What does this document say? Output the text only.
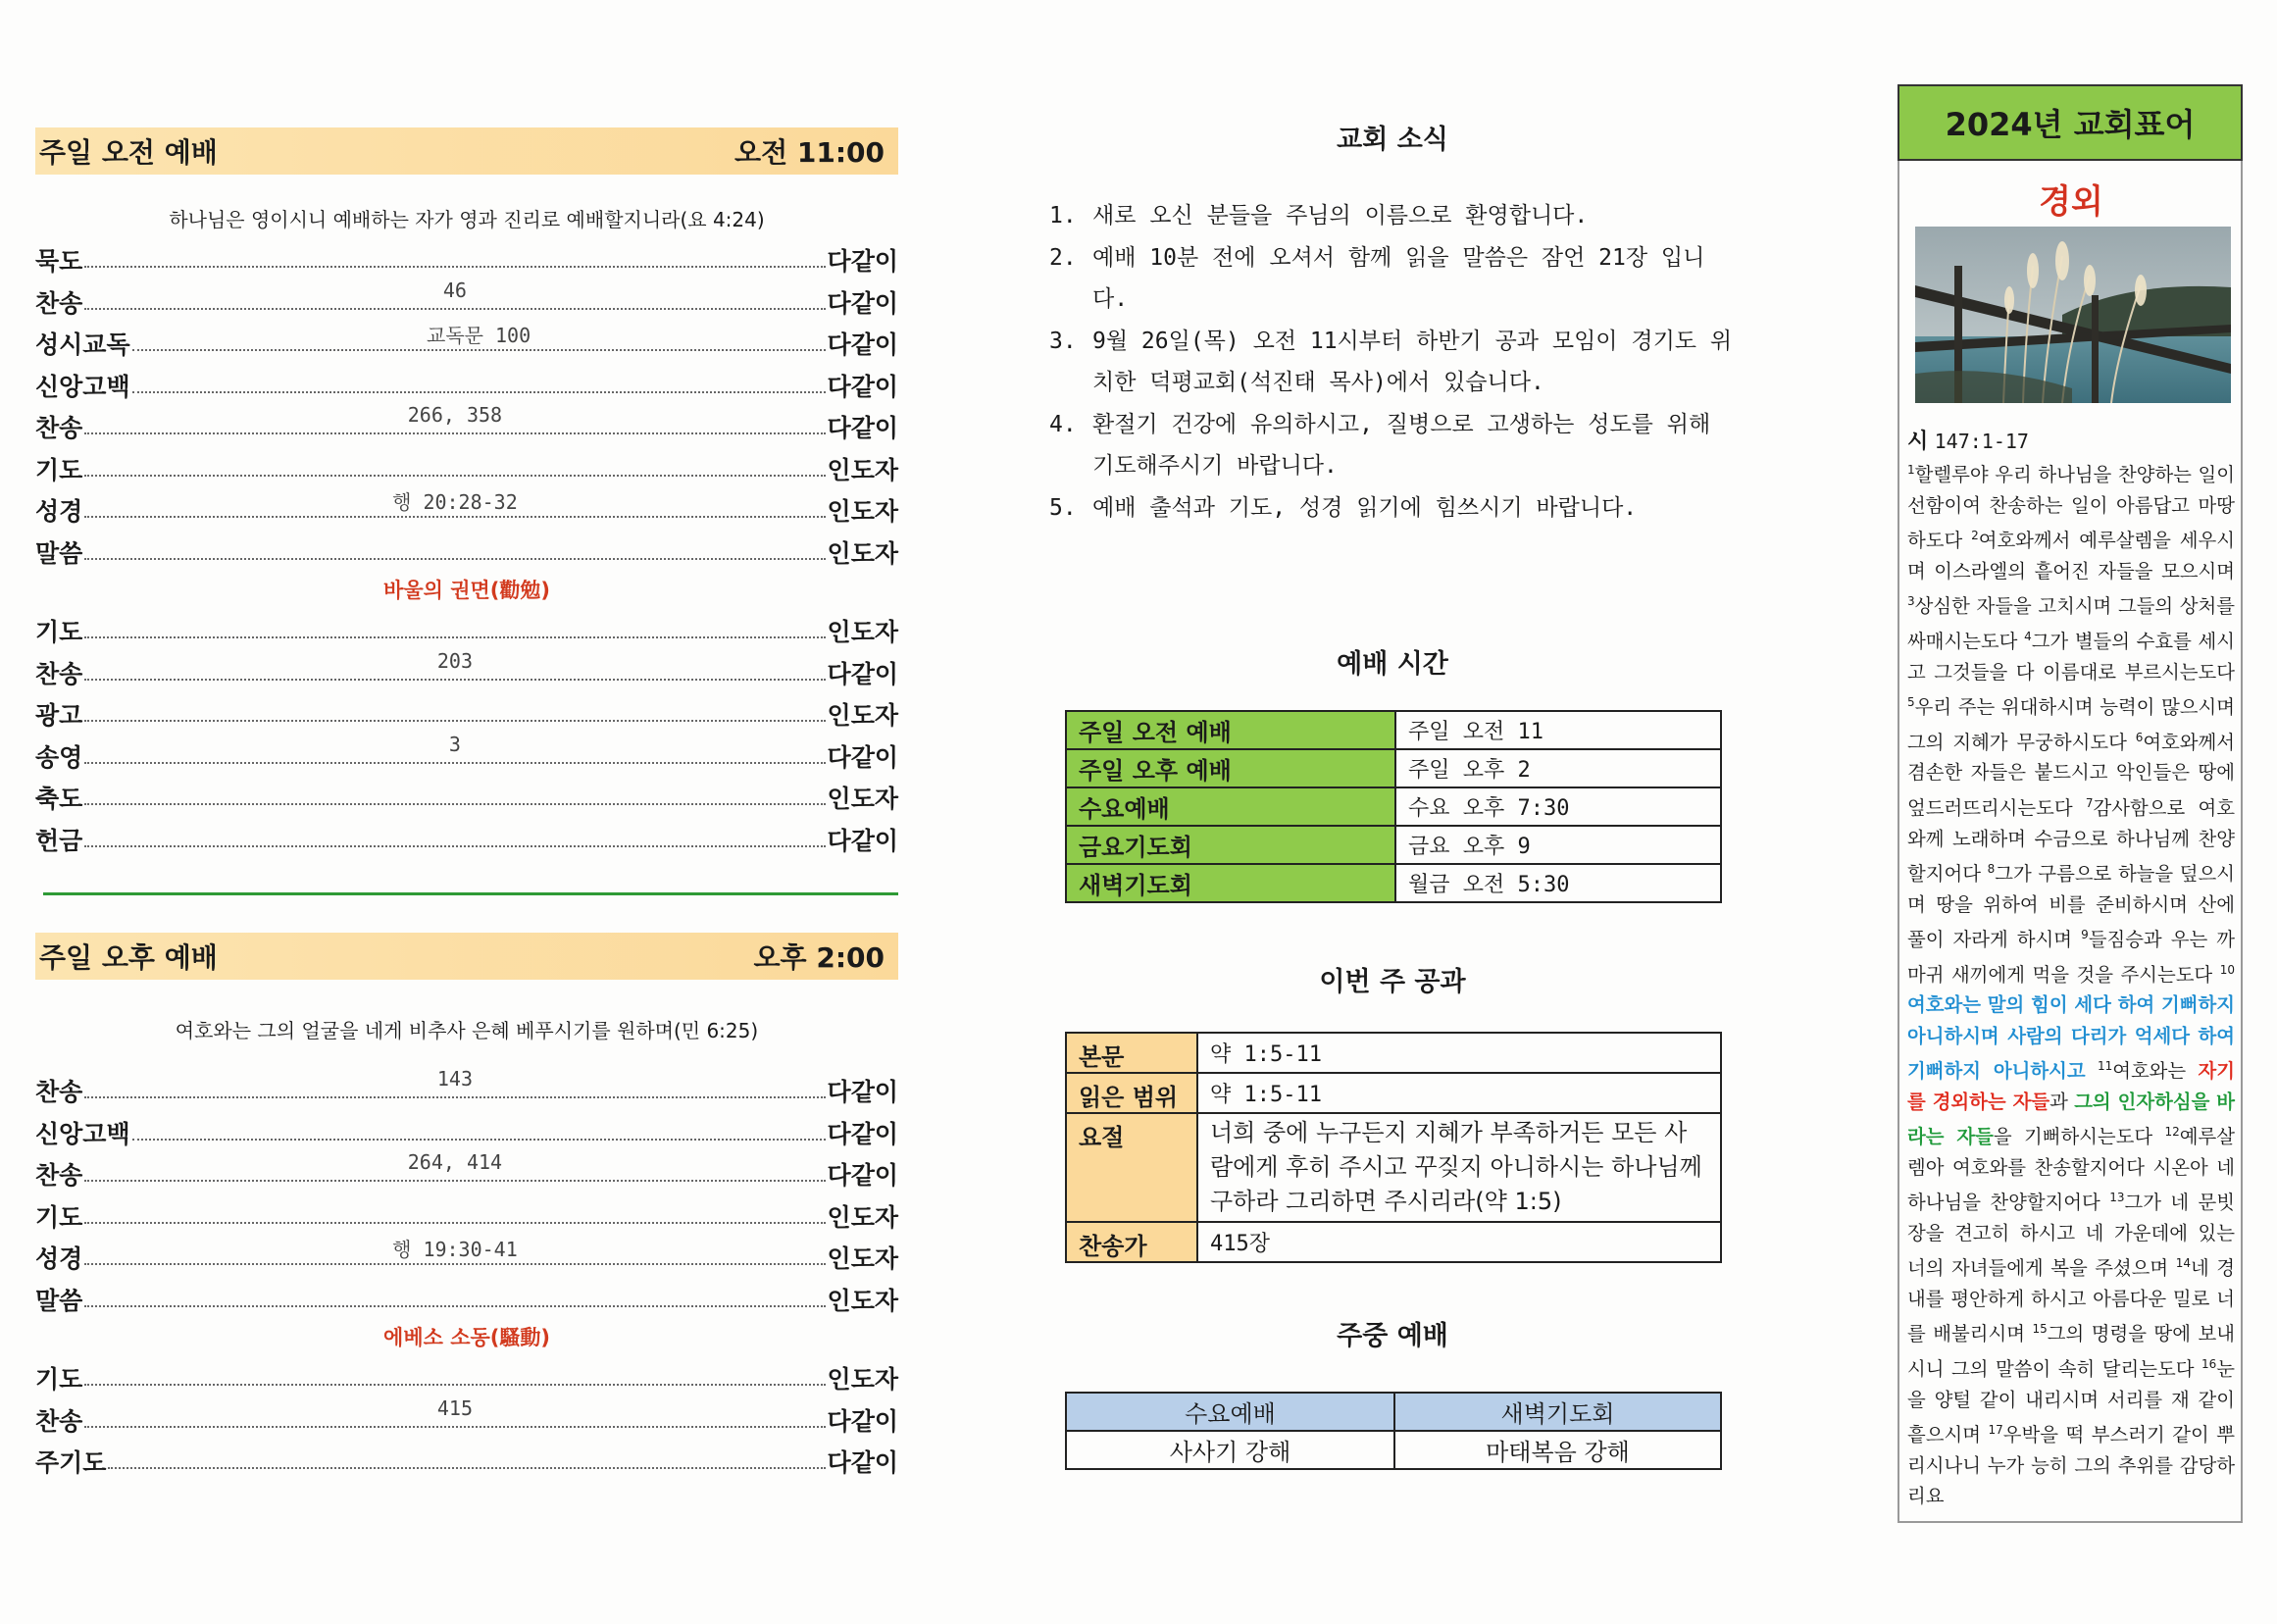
주일 오전 예배	오전 11:00
하나님은 영이시니 예배하는 자가 영과 진리로 예배할지니라(요 4:24)
묵도	다같이
찬송	46	다같이
성시교독	교독문 100	다같이
신앙고백	다같이
찬송	266, 358	다같이
기도	인도자
성경	행 20:28-32	인도자
말씀	인도자
바울의 권면(勸勉)
기도	인도자
찬송	203	다같이
광고	인도자
송영	3	다같이
축도	인도자
헌금	다같이
주일 오후 예배	오후 2:00
여호와는 그의 얼굴을 네게 비추사 은혜 베푸시기를 원하며(민 6:25)
찬송	143	다같이
신앙고백	다같이
찬송	264, 414	다같이
기도	인도자
성경	행 19:30-41	인도자
말씀	인도자
에베소 소동(騷動)
기도	인도자
찬송	415	다같이
주기도	다같이
교회 소식
1. 새로 오신 분들을 주님의 이름으로 환영합니다.
2. 예배 10분 전에 오셔서 함께 읽을 말씀은 잠언 21장 입니다.
3. 9월 26일(목) 오전 11시부터 하반기 공과 모임이 경기도 위치한 덕평교회(석진태 목사)에서 있습니다.
4. 환절기 건강에 유의하시고, 질병으로 고생하는 성도를 위해 기도해주시기 바랍니다.
5. 예배 출석과 기도, 성경 읽기에 힘쓰시기 바랍니다.
예배 시간
주일 오전 예배	주일 오전 11
주일 오후 예배	주일 오후 2
수요예배	수요 오후 7:30
금요기도회	금요 오후 9
새벽기도회	월금 오전 5:30
이번 주 공과
본문	약 1:5-11
읽은 범위	약 1:5-11
요절	너희 중에 누구든지 지혜가 부족하거든 모든 사람에게 후히 주시고 꾸짖지 아니하시는 하나님께 구하라 그리하면 주시리라(약 1:5)
찬송가	415장
주중 예배
수요예배	새벽기도회
사사기 강해	마태복음 강해
2024년 교회표어
경외
시 147:1-17
$^1$할렐루야 우리 하나님을 찬양하는 일이 선함이여 찬송하는 일이 아름답고 마땅하도다 $^2$여호와께서 예루살렘을 세우시며 이스라엘의 흩어진 자들을 모으시며 $^3$상심한 자들을 고치시며 그들의 상처를 싸매시는도다 $^4$그가 별들의 수효를 세시고 그것들을 다 이름대로 부르시는도다 $^5$우리 주는 위대하시며 능력이 많으시며 그의 지혜가 무궁하시도다 $^6$여호와께서 겸손한 자들은 붙드시고 악인들은 땅에 엎드러뜨리시는도다 $^7$감사함으로 여호와께 노래하며 수금으로 하나님께 찬양할지어다 $^8$그가 구름으로 하늘을 덮으시며 땅을 위하여 비를 준비하시며 산에 풀이 자라게 하시며 $^9$들짐승과 우는 까마귀 새끼에게 먹을 것을 주시는도다 $^{10}$여호와는 말의 힘이 세다 하여 기뻐하지 아니하시며 사람의 다리가 억세다 하여 기뻐하지 아니하시고 $^{11}$여호와는 자기를 경외하는 자들과 그의 인자하심을 바라는 자들을 기뻐하시는도다 $^{12}$예루살렘아 여호와를 찬송할지어다 시온아 네 하나님을 찬양할지어다 $^{13}$그가 네 문빗장을 견고히 하시고 네 가운데에 있는 너의 자녀들에게 복을 주셨으며 $^{14}$네 경내를 평안하게 하시고 아름다운 밀로 너를 배불리시며 $^{15}$그의 명령을 땅에 보내시니 그의 말씀이 속히 달리는도다 $^{16}$눈을 양털 같이 내리시며 서리를 재 같이 흩으시며 $^{17}$우박을 떡 부스러기 같이 뿌리시나니 누가 능히 그의 추위를 감당하리요
